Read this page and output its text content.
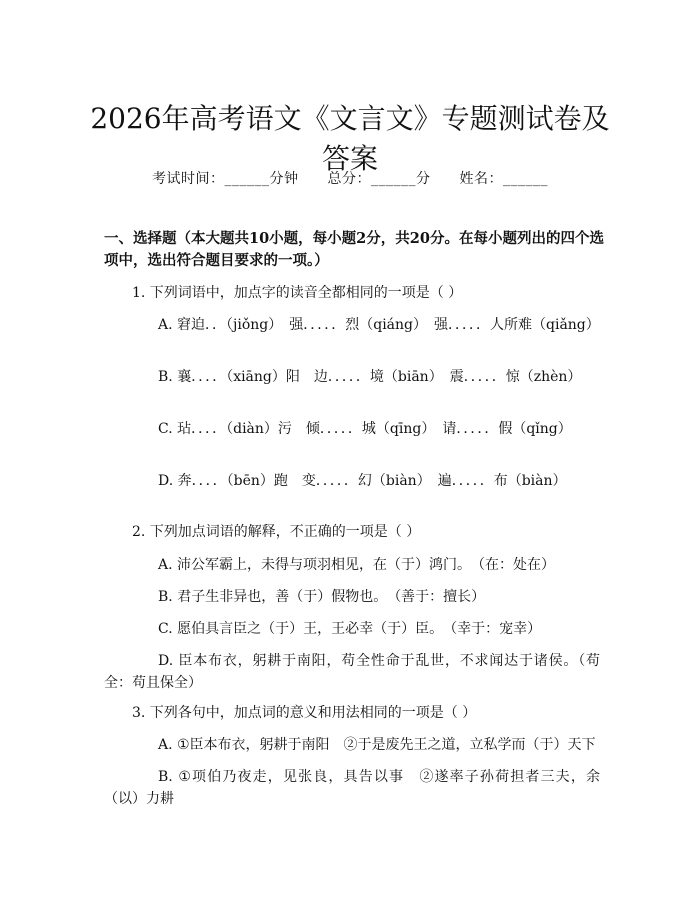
2026年高考语文《文言文》专题测试卷及答案
考试时间：______分钟 总分：______分 姓名：______
一、选择题（本大题共10小题，每小题2分，共20分。在每小题列出的四个选项中，选出符合题目要求的一项。）
1. 下列词语中，加点字的读音全都相同的一项是（ ）
A. 窘迫．．（jiǒng）　强．．．．．烈（qiáng）　强．．．．．人所难（qiǎng）
B. 襄．．．．（xiāng）阳　边．．．．．境（biān）　震．．．．．惊（zhèn）
C. 玷．．．．（diàn）污　倾．．．．．城（qīng）　请．．．．．假（qǐng）
D. 奔．．．．（bēn）跑　变．．．．．幻（biàn）　遍．．．．．布（biàn）
2. 下列加点词语的解释，不正确的一项是（ ）
A. 沛公军霸上，未得与项羽相见，在（于）鸿门。　（在：处在）
B. 君子生非异也，善（于）假物也。　（善于：擅长）
C. 愿伯具言臣之（于）王，王必幸（于）臣。　（幸于：宠幸）
D. 臣本布衣，躬耕于南阳，苟全性命于乱世，不求闻达于诸侯。（苟全：苟且保全）
3. 下列各句中，加点词的意义和用法相同的一项是（ ）
A. ①臣本布衣，躬耕于南阳　②于是废先王之道，立私学而（于）天下
B. ①项伯乃夜走，见张良，具告以事　②遂率子孙荷担者三夫，余（以）力耕
